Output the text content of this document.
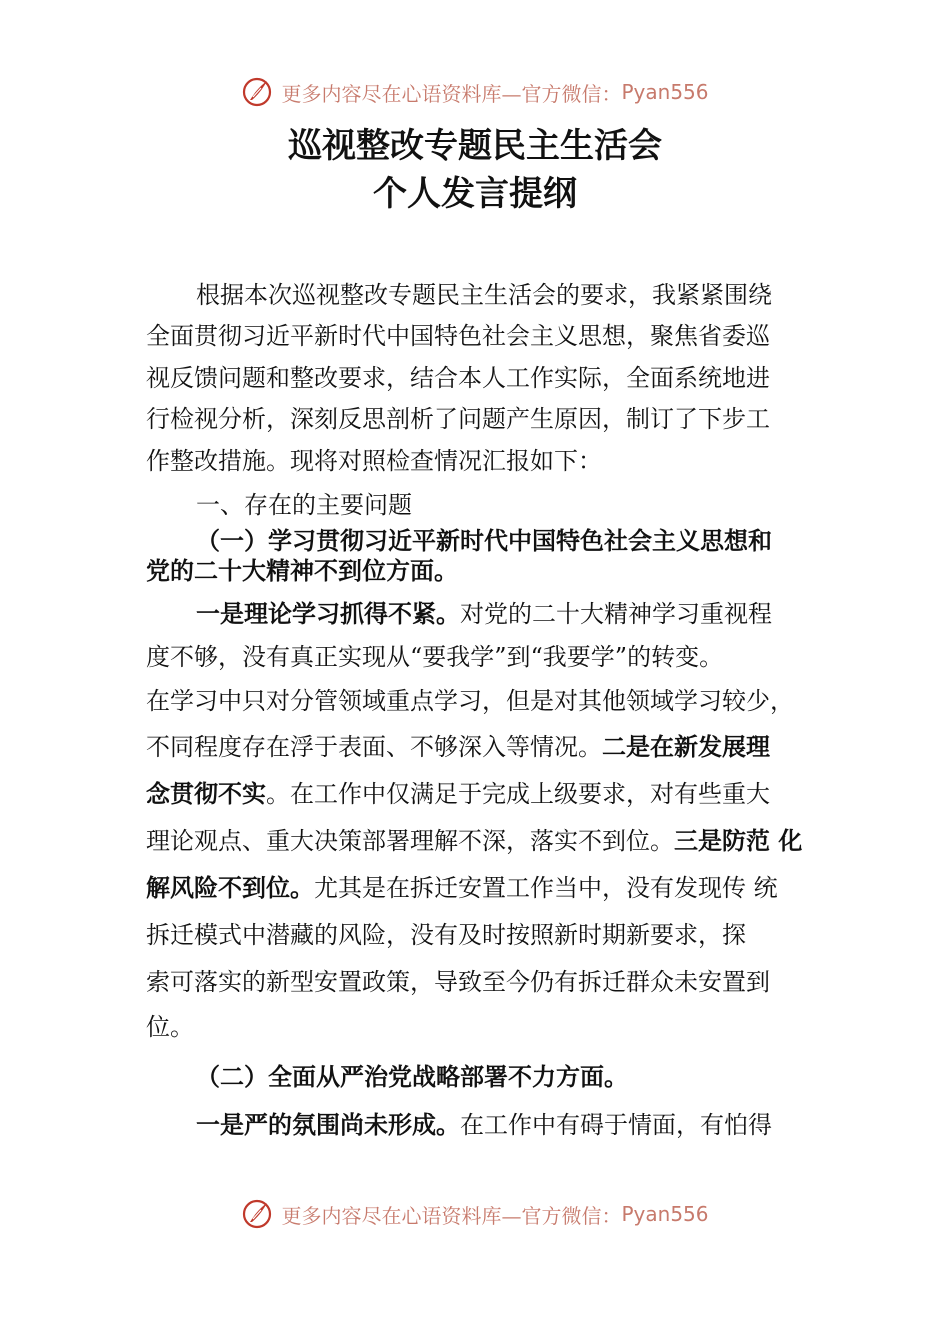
更多内容尽在心语资料库—官方微信： Pyan556
巡视整改专题民主生活会
个人发言提纲
根据本次巡视整改专题民主生活会的要求，我紧紧围绕
全面贯彻习近平新时代中国特色社会主义思想，聚焦省委巡
视反馈问题和整改要求，结合本人工作实际，全面系统地进
行检视分析，深刻反思剖析了问题产生原因，制订了下步工
作整改措施。现将对照检查情况汇报如下：
一、存在的主要问题
（一）学习贯彻习近平新时代中国特色社会主义思想和
党的二十大精神不到位方面。
一是理论学习抓得不紧。对党的二十大精神学习重视程
度不够，没有真正实现从“要我学”到“我要学”的转变。
在学习中只对分管领域重点学习，但是对其他领域学习较少，
不同程度存在浮于表面、不够深入等情况。二是在新发展理
念贯彻不实。在工作中仅满足于完成上级要求，对有些重大
理论观点、重大决策部署理解不深，落实不到位。三是防范 化
解风险不到位。尤其是在拆迁安置工作当中，没有发现传 统
拆迁模式中潜藏的风险，没有及时按照新时期新要求，探
索可落实的新型安置政策，导致至今仍有拆迁群众未安置到
位。
（二）全面从严治党战略部署不力方面。
一是严的氛围尚未形成。在工作中有碍于情面，有怕得
更多内容尽在心语资料库—官方微信： Pyan556
